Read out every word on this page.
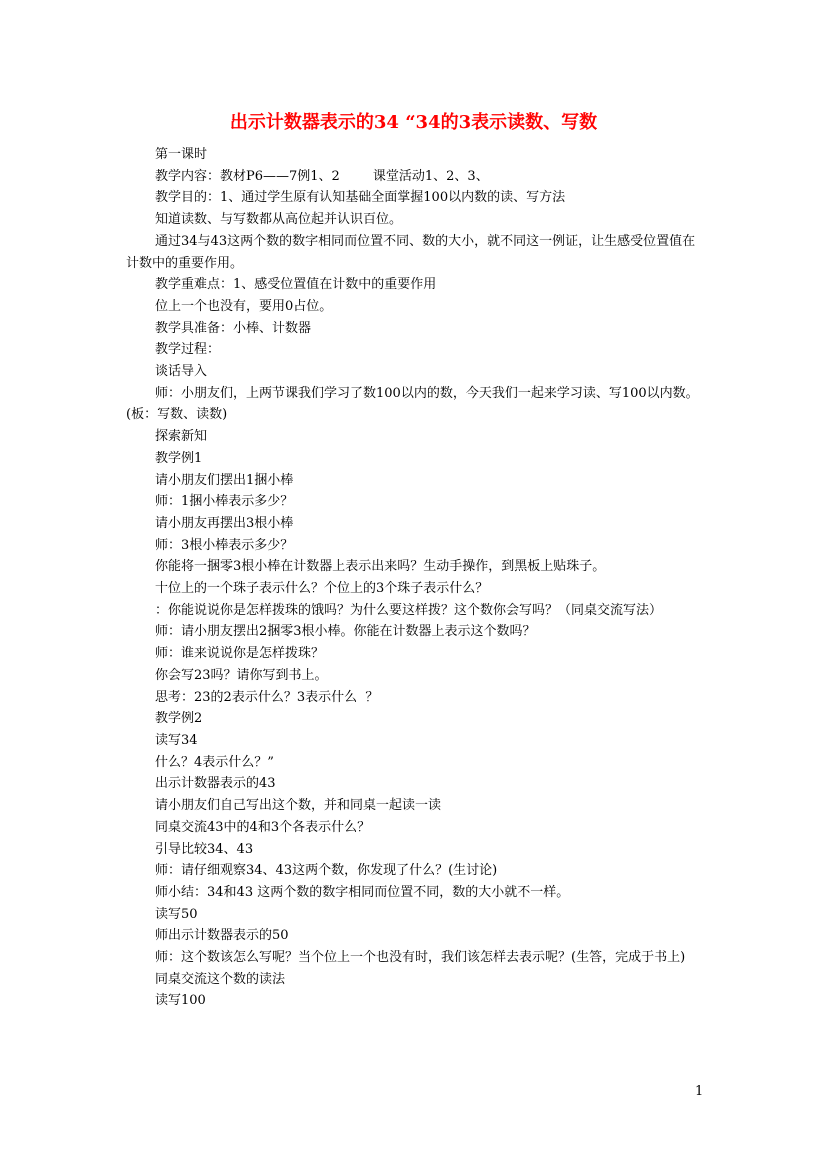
出示计数器表示的34 “34的3表示读数、写数
第一课时
教学内容：教材P6——7例1、2        课堂活动1、2、3、
教学目的：1、通过学生原有认知基础全面掌握100以内数的读、写方法
知道读数、与写数都从高位起并认识百位。
通过34与43这两个数的数字相同而位置不同、数的大小，就不同这一例证，让生感受位置值在计数中的重要作用。
教学重难点：1、感受位置值在计数中的重要作用
位上一个也没有，要用0占位。
教学具准备：小棒、计数器
教学过程：
谈话导入
师：小朋友们，上两节课我们学习了数100以内的数，今天我们一起来学习读、写100以内数。(板：写数、读数)
探索新知
教学例1
请小朋友们摆出1捆小棒
师：1捆小棒表示多少？
请小朋友再摆出3根小棒
师：3根小棒表示多少？
你能将一捆零3根小棒在计数器上表示出来吗？生动手操作，到黑板上贴珠子。
十位上的一个珠子表示什么？个位上的3个珠子表示什么？
：你能说说你是怎样拨珠的饿吗？为什么要这样拨？这个数你会写吗？（同桌交流写法）
师：请小朋友摆出2捆零3根小棒。你能在计数器上表示这个数吗？
师：谁来说说你是怎样拨珠？
你会写23吗？请你写到书上。
思考：23的2表示什么？3表示什么  ？
教学例2
读写34
什么？4表示什么？”
出示计数器表示的43
请小朋友们自己写出这个数，并和同桌一起读一读
同桌交流43中的4和3个各表示什么？
引导比较34、43
师：请仔细观察34、43这两个数，你发现了什么？(生讨论)
师小结：34和43 这两个数的数字相同而位置不同，数的大小就不一样。
读写50
师出示计数器表示的50
师：这个数该怎么写呢？当个位上一个也没有时，我们该怎样去表示呢？(生答，完成于书上)
同桌交流这个数的读法
读写100
1
